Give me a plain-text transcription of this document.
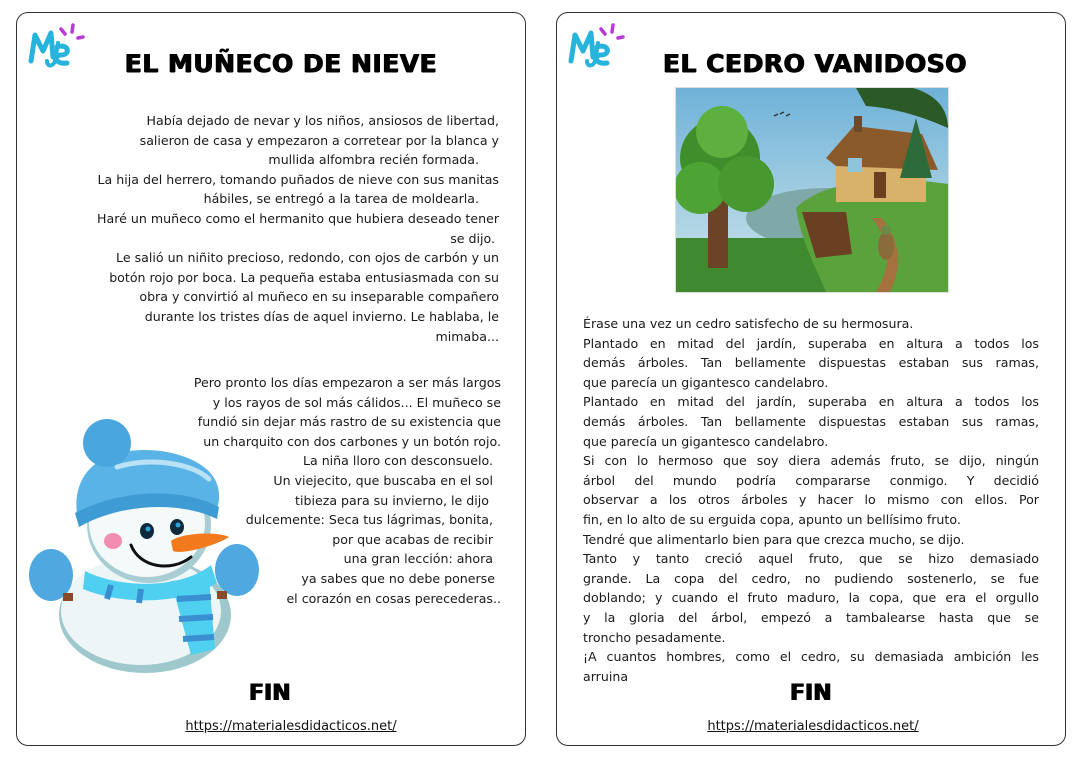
EL MUÑECO DE NIEVE
Había dejado de nevar y los niños, ansiosos de libertad,
salieron de casa y empezaron a corretear por la blanca y
mullida alfombra recién formada.
La hija del herrero, tomando puñados de nieve con sus manitas
hábiles, se entregó a la tarea de moldearla.
Haré un muñeco como el hermanito que hubiera deseado tener
se dijo.
Le salió un niñito precioso, redondo, con ojos de carbón y un
botón rojo por boca. La pequeña estaba entusiasmada con su
obra y convirtió al muñeco en su inseparable compañero
durante los tristes días de aquel invierno. Le hablaba, le
mimaba...
Pero pronto los días empezaron a ser más largos
y los rayos de sol más cálidos... El muñeco se
fundió sin dejar más rastro de su existencia que
un charquito con dos carbones y un botón rojo.
La niña lloro con desconsuelo.
Un viejecito, que buscaba en el sol
tibieza para su invierno, le dijo
dulcemente: Seca tus lágrimas, bonita,
por que acabas de recibir
una gran lección: ahora
ya sabes que no debe ponerse
el corazón en cosas perecederas..
FIN
https://materialesdidacticos.net/
EL CEDRO VANIDOSO
Érase una vez un cedro satisfecho de su hermosura.
Plantado en mitad del jardín, superaba en altura a todos los
demás árboles. Tan bellamente dispuestas estaban sus ramas,
que parecía un gigantesco candelabro.
Plantado en mitad del jardín, superaba en altura a todos los
demás árboles. Tan bellamente dispuestas estaban sus ramas,
que parecía un gigantesco candelabro.
Si con lo hermoso que soy diera además fruto, se dijo, ningún
árbol del mundo podría compararse conmigo. Y decidió
observar a los otros árboles y hacer lo mismo con ellos. Por
fin, en lo alto de su erguida copa, apunto un bellísimo fruto.
Tendré que alimentarlo bien para que crezca mucho, se dijo.
Tanto y tanto creció aquel fruto, que se hizo demasiado
grande. La copa del cedro, no pudiendo sostenerlo, se fue
doblando; y cuando el fruto maduro, la copa, que era el orgullo
y la gloria del árbol, empezó a tambalearse hasta que se
troncho pesadamente.
¡A cuantos hombres, como el cedro, su demasiada ambición les
arruina
FIN
https://materialesdidacticos.net/
